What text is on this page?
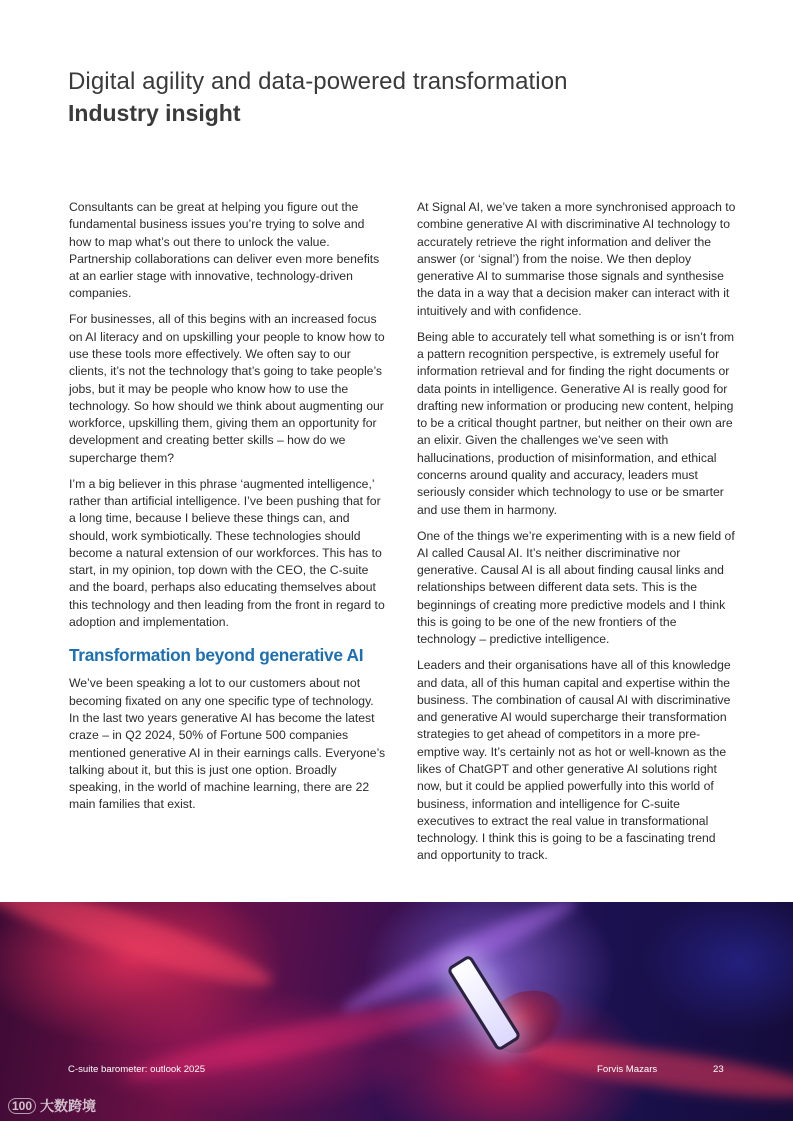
Digital agility and data-powered transformation
Industry insight

Consultants can be great at helping you figure out the fundamental business issues you’re trying to solve and how to map what’s out there to unlock the value. Partnership collaborations can deliver even more benefits at an earlier stage with innovative, technology-driven companies.

For businesses, all of this begins with an increased focus on AI literacy and on upskilling your people to know how to use these tools more effectively. We often say to our clients, it’s not the technology that’s going to take people’s jobs, but it may be people who know how to use the technology. So how should we think about augmenting our workforce, upskilling them, giving them an opportunity for development and creating better skills – how do we supercharge them?

I’m a big believer in this phrase ‘augmented intelligence,’ rather than artificial intelligence. I’ve been pushing that for a long time, because I believe these things can, and should, work symbiotically. These technologies should become a natural extension of our workforces. This has to start, in my opinion, top down with the CEO, the C-suite and the board, perhaps also educating themselves about this technology and then leading from the front in regard to adoption and implementation.

Transformation beyond generative AI

We’ve been speaking a lot to our customers about not becoming fixated on any one specific type of technology. In the last two years generative AI has become the latest craze – in Q2 2024, 50% of Fortune 500 companies mentioned generative AI in their earnings calls. Everyone’s talking about it, but this is just one option. Broadly speaking, in the world of machine learning, there are 22 main families that exist.

At Signal AI, we’ve taken a more synchronised approach to combine generative AI with discriminative AI technology to accurately retrieve the right information and deliver the answer (or ‘signal’) from the noise. We then deploy generative AI to summarise those signals and synthesise the data in a way that a decision maker can interact with it intuitively and with confidence.

Being able to accurately tell what something is or isn’t from a pattern recognition perspective, is extremely useful for information retrieval and for finding the right documents or data points in intelligence. Generative AI is really good for drafting new information or producing new content, helping to be a critical thought partner, but neither on their own are an elixir. Given the challenges we’ve seen with hallucinations, production of misinformation, and ethical concerns around quality and accuracy, leaders must seriously consider which technology to use or be smarter and use them in harmony.

One of the things we’re experimenting with is a new field of AI called Causal AI. It’s neither discriminative nor generative. Causal AI is all about finding causal links and relationships between different data sets. This is the beginnings of creating more predictive models and I think this is going to be one of the new frontiers of the technology – predictive intelligence.

Leaders and their organisations have all of this knowledge and data, all of this human capital and expertise within the business. The combination of causal AI with discriminative and generative AI would supercharge their transformation strategies to get ahead of competitors in a more pre-emptive way. It’s certainly not as hot or well-known as the likes of ChatGPT and other generative AI solutions right now, but it could be applied powerfully into this world of business, information and intelligence for C-suite executives to extract the real value in transformational technology. I think this is going to be a fascinating trend and opportunity to track.

C-suite barometer: outlook 2025	Forvis Mazars	23
100 大数跨境
